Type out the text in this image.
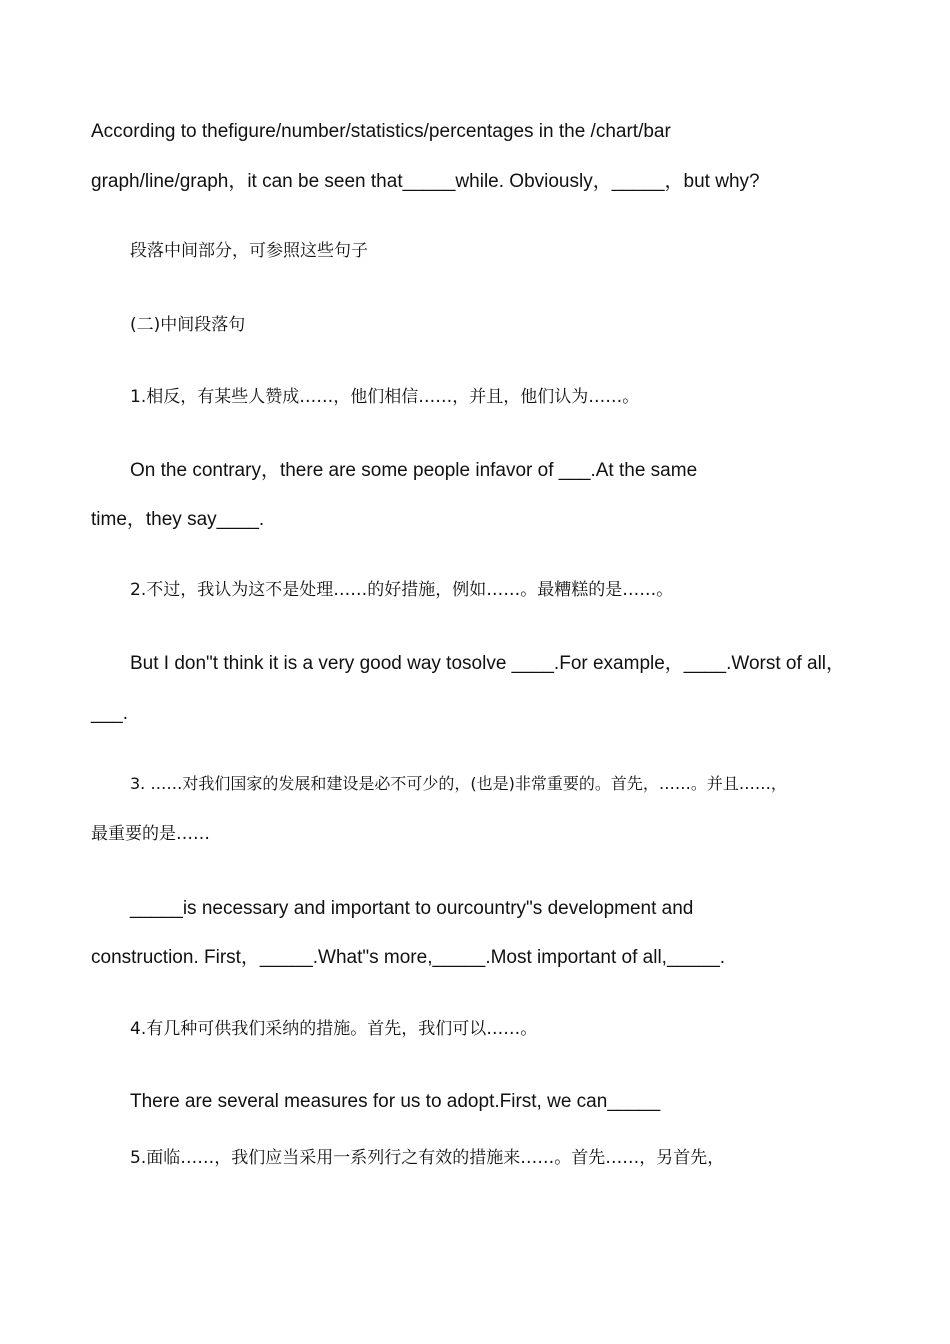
According to thefigure/number/statistics/percentages in the /chart/bar
graph/line/graph，it can be seen that_____while. Obviously，_____，but why?
段落中间部分，可参照这些句子
(二)中间段落句
1.相反，有某些人赞成……，他们相信……，并且，他们认为……。
On the contrary，there are some people infavor of ___.At the same
time，they say____.
2.不过，我认为这不是处理……的好措施，例如……。最糟糕的是……。
But I don"t think it is a very good way tosolve ____.For example，____.Worst of all，
___.
3. ……对我们国家的发展和建设是必不可少的，(也是)非常重要的。首先，……。并且……，
最重要的是……
_____is necessary and important to ourcountry"s development and
construction. First，_____.What"s more,_____.Most important of all,_____.
4.有几种可供我们采纳的措施。首先，我们可以……。
There are several measures for us to adopt.First, we can_____
5.面临……，我们应当采用一系列行之有效的措施来……。首先……，另首先，
